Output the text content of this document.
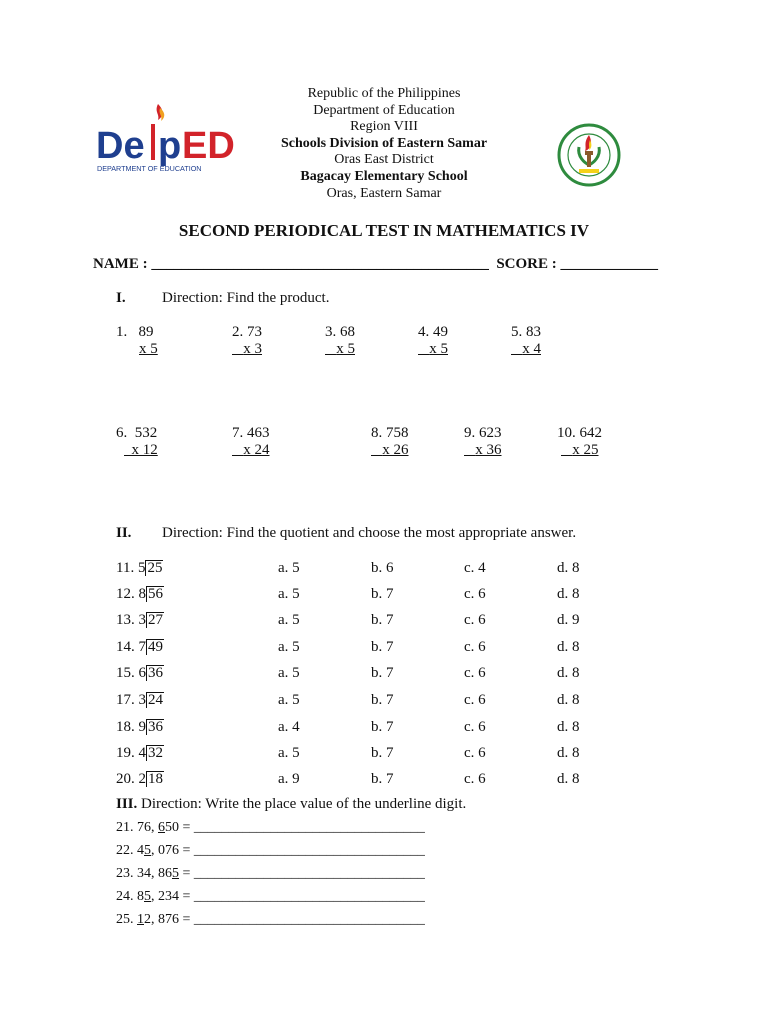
De ED
p
DEPARTMENT OF EDUCATION
Republic of the Philippines
Department of Education
Region VIII
Schools Division of Eastern Samar
Oras East District
Bagacay Elementary School
Oras, Eastern Samar
SECOND PERIODICAL TEST IN MATHEMATICS IV
NAME : _____________________________________________ SCORE : _____________
I. Direction: Find the product.
1.   89
x 5
2. 73
x 3
3. 68
x 5
4. 49
x 5
5. 83
x 4
6.  532
x 12
7. 463
x 24
8. 758
x 26
9. 623
x 36
10. 642
x 25
II. Direction: Find the quotient and choose the most appropriate answer.
11. 5 25	a. 5	b. 6	c. 4	d. 8
12. 8 56	a. 5	b. 7	c. 6	d. 8
13. 3 27	a. 5	b. 7	c. 6	d. 9
14. 7 49	a. 5	b. 7	c. 6	d. 8
15. 6 36	a. 5	b. 7	c. 6	d. 8
17. 3 24	a. 5	b. 7	c. 6	d. 8
18. 9 36	a. 4	b. 7	c. 6	d. 8
19. 4 32	a. 5	b. 7	c. 6	d. 8
20. 2 18	a. 9	b. 7	c. 6	d. 8
III. Direction: Write the place value of the underline digit.
21. 76, 650 = _________________________________
22. 45, 076 = _________________________________
23. 34, 865 = _________________________________
24. 85, 234 = _________________________________
25. 12, 876 = _________________________________
